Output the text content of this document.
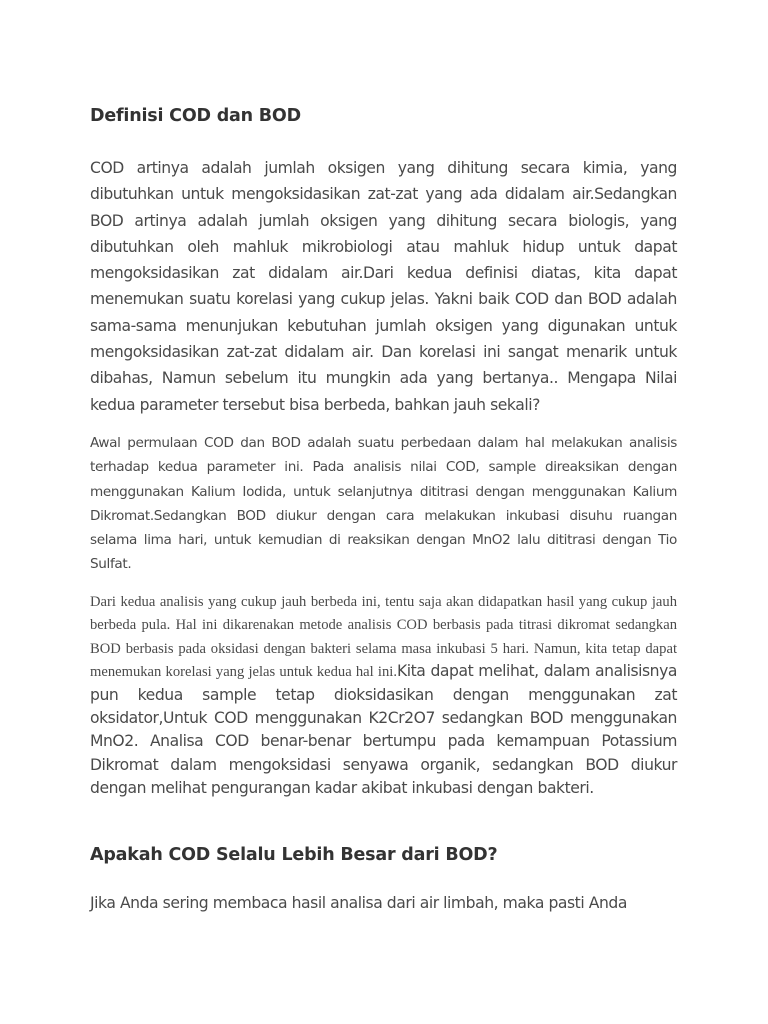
Definisi COD dan BOD

COD artinya adalah jumlah oksigen yang dihitung secara kimia, yang dibutuhkan untuk mengoksidasikan zat-zat yang ada didalam air.Sedangkan BOD artinya adalah jumlah oksigen yang dihitung secara biologis, yang dibutuhkan oleh mahluk mikrobiologi atau mahluk hidup untuk dapat mengoksidasikan zat didalam air.Dari kedua definisi diatas, kita dapat menemukan suatu korelasi yang cukup jelas. Yakni baik COD dan BOD adalah sama-sama menunjukan kebutuhan jumlah oksigen yang digunakan untuk mengoksidasikan zat-zat didalam air. Dan korelasi ini sangat menarik untuk dibahas, Namun sebelum itu mungkin ada yang bertanya.. Mengapa Nilai kedua parameter tersebut bisa berbeda, bahkan jauh sekali?

Awal permulaan COD dan BOD adalah suatu perbedaan dalam hal melakukan analisis terhadap kedua parameter ini. Pada analisis nilai COD, sample direaksikan dengan menggunakan Kalium Iodida, untuk selanjutnya dititrasi dengan menggunakan Kalium Dikromat.Sedangkan BOD diukur dengan cara melakukan inkubasi disuhu ruangan selama lima hari, untuk kemudian di reaksikan dengan MnO2 lalu dititrasi dengan Tio Sulfat.

Dari kedua analisis yang cukup jauh berbeda ini, tentu saja akan didapatkan hasil yang cukup jauh berbeda pula. Hal ini dikarenakan metode analisis COD berbasis pada titrasi dikromat sedangkan BOD berbasis pada oksidasi dengan bakteri selama masa inkubasi 5 hari. Namun, kita tetap dapat menemukan korelasi yang jelas untuk kedua hal ini.Kita dapat melihat, dalam analisisnya pun kedua sample tetap dioksidasikan dengan menggunakan zat oksidator,Untuk COD menggunakan K2Cr2O7 sedangkan BOD menggunakan MnO2. Analisa COD benar-benar bertumpu pada kemampuan Potassium Dikromat dalam mengoksidasi senyawa organik, sedangkan BOD diukur dengan melihat pengurangan kadar akibat inkubasi dengan bakteri.

Apakah COD Selalu Lebih Besar dari BOD?

Jika Anda sering membaca hasil analisa dari air limbah, maka pasti Anda
